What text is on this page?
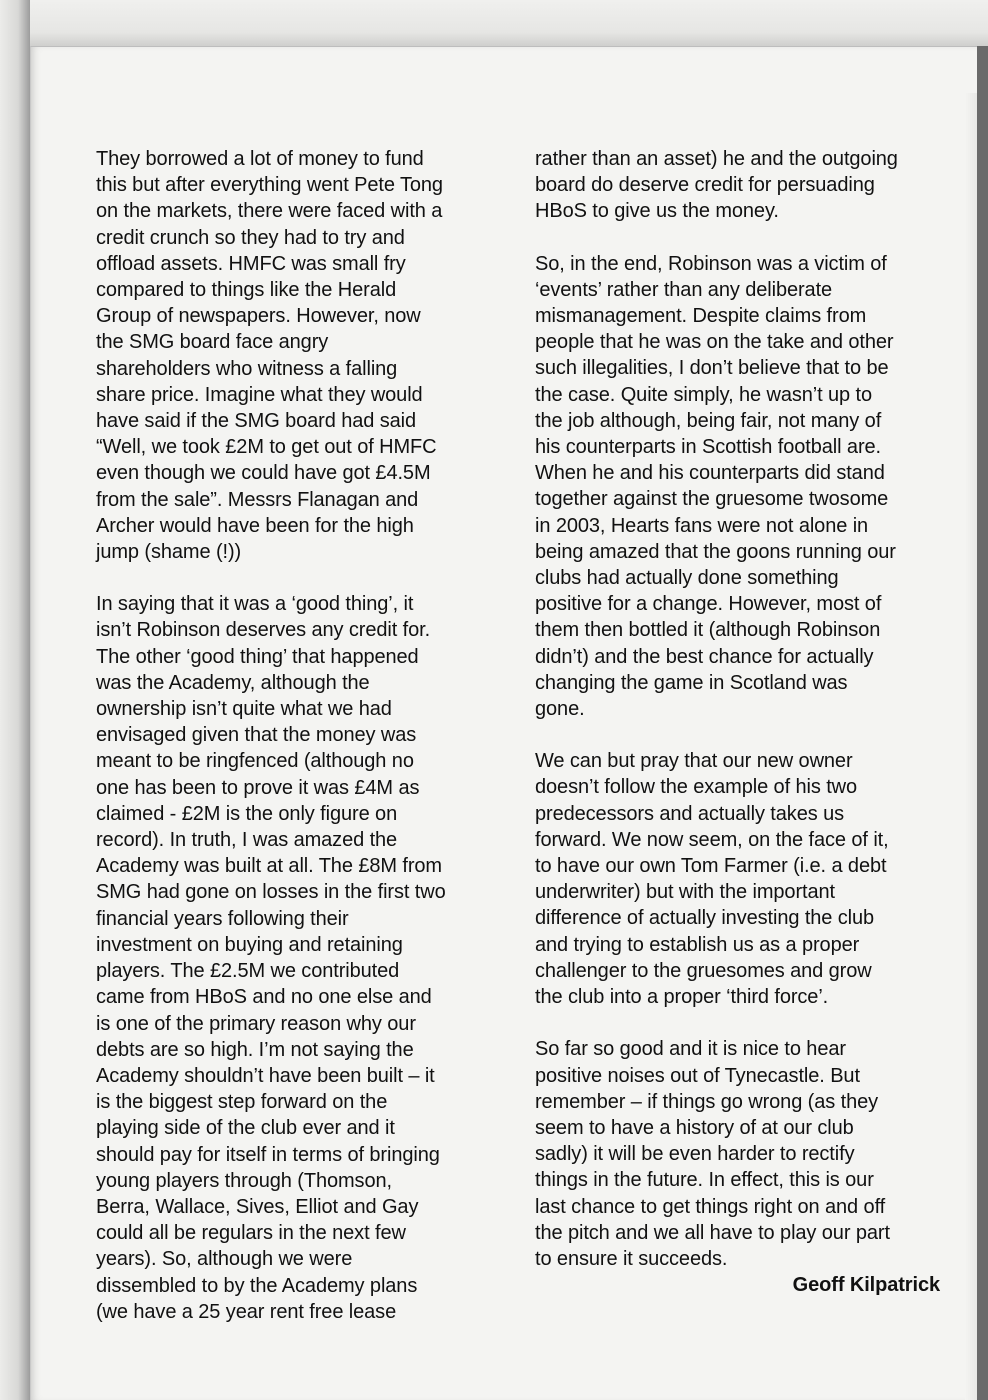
They borrowed a lot of money to fund
this but after everything went Pete Tong
on the markets, there were faced with a
credit crunch so they had to try and
offload assets. HMFC was small fry
compared to things like the Herald
Group of newspapers. However, now
the SMG board face angry
shareholders who witness a falling
share price. Imagine what they would
have said if the SMG board had said
“Well, we took £2M to get out of HMFC
even though we could have got £4.5M
from the sale”. Messrs Flanagan and
Archer would have been for the high
jump (shame (!))

In saying that it was a ‘good thing’, it
isn’t Robinson deserves any credit for.
The other ‘good thing’ that happened
was the Academy, although the
ownership isn’t quite what we had
envisaged given that the money was
meant to be ringfenced (although no
one has been to prove it was £4M as
claimed - £2M is the only figure on
record). In truth, I was amazed the
Academy was built at all. The £8M from
SMG had gone on losses in the first two
financial years following their
investment on buying and retaining
players. The £2.5M we contributed
came from HBoS and no one else and
is one of the primary reason why our
debts are so high. I’m not saying the
Academy shouldn’t have been built – it
is the biggest step forward on the
playing side of the club ever and it
should pay for itself in terms of bringing
young players through (Thomson,
Berra, Wallace, Sives, Elliot and Gay
could all be regulars in the next few
years). So, although we were
dissembled to by the Academy plans
(we have a 25 year rent free lease

rather than an asset) he and the outgoing
board do deserve credit for persuading
HBoS to give us the money.

So, in the end, Robinson was a victim of
‘events’ rather than any deliberate
mismanagement. Despite claims from
people that he was on the take and other
such illegalities, I don’t believe that to be
the case. Quite simply, he wasn’t up to
the job although, being fair, not many of
his counterparts in Scottish football are.
When he and his counterparts did stand
together against the gruesome twosome
in 2003, Hearts fans were not alone in
being amazed that the goons running our
clubs had actually done something
positive for a change. However, most of
them then bottled it (although Robinson
didn’t) and the best chance for actually
changing the game in Scotland was
gone.

We can but pray that our new owner
doesn’t follow the example of his two
predecessors and actually takes us
forward. We now seem, on the face of it,
to have our own Tom Farmer (i.e. a debt
underwriter) but with the important
difference of actually investing the club
and trying to establish us as a proper
challenger to the gruesomes and grow
the club into a proper ‘third force’.

So far so good and it is nice to hear
positive noises out of Tynecastle. But
remember – if things go wrong (as they
seem to have a history of at our club
sadly) it will be even harder to rectify
things in the future. In effect, this is our
last chance to get things right on and off
the pitch and we all have to play our part
to ensure it succeeds.

Geoff Kilpatrick
